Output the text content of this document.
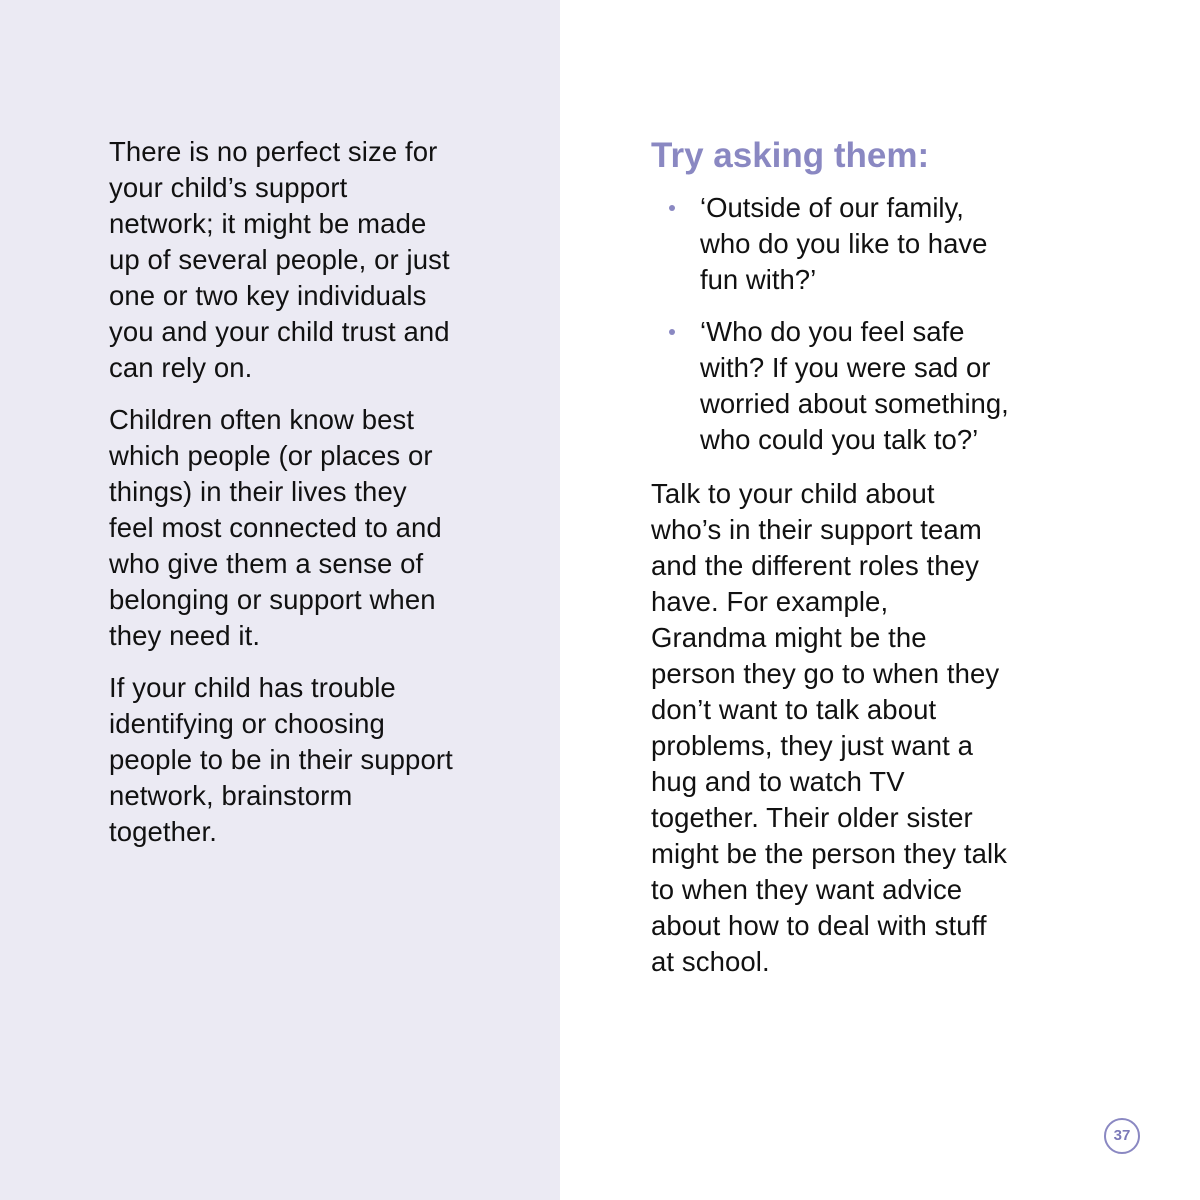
There is no perfect size for your child’s support network; it might be made up of several people, or just one or two key individuals you and your child trust and can rely on.

Children often know best which people (or places or things) in their lives they feel most connected to and who give them a sense of belonging or support when they need it.

If your child has trouble identifying or choosing people to be in their support network, brainstorm together.

Try asking them:
‘Outside of our family, who do you like to have fun with?’
‘Who do you feel safe with? If you were sad or worried about something, who could you talk to?’

Talk to your child about who’s in their support team and the different roles they have. For example, Grandma might be the person they go to when they don’t want to talk about problems, they just want a hug and to watch TV together. Their older sister might be the person they talk to when they want advice about how to deal with stuff at school.

37
